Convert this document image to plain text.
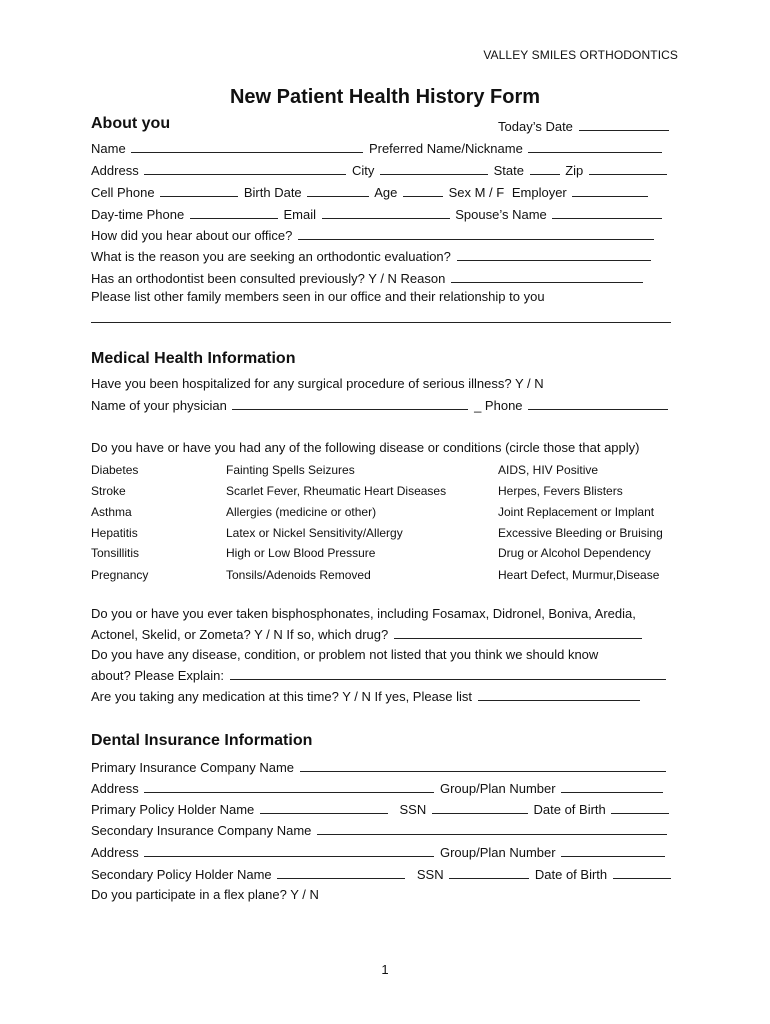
VALLEY SMILES ORTHODONTICS
New Patient Health History Form
About you	Today’s Date
Name	Preferred Name/Nickname
Address	City	State	Zip
Cell Phone	Birth Date	Age	Sex M / F Employer
Day-time Phone	Email	Spouse’s Name
How did you hear about our office?
What is the reason you are seeking an orthodontic evaluation?
Has an orthodontist been consulted previously? Y / N Reason
Please list other family members seen in our office and their relationship to you
Medical Health Information
Have you been hospitalized for any surgical procedure of serious illness? Y / N
Name of your physician	_ Phone
Do you have or have you had any of the following disease or conditions (circle those that apply)
Diabetes	Fainting Spells Seizures	AIDS, HIV Positive
Stroke	Scarlet Fever, Rheumatic Heart Diseases	Herpes, Fevers Blisters
Asthma	Allergies (medicine or other)	Joint Replacement or Implant
Hepatitis	Latex or Nickel Sensitivity/Allergy	Excessive Bleeding or Bruising
Tonsillitis	High or Low Blood Pressure	Drug or Alcohol Dependency
Pregnancy	Tonsils/Adenoids Removed	Heart Defect, Murmur,Disease
Do you or have you ever taken bisphosphonates, including Fosamax, Didronel, Boniva, Aredia,
Actonel, Skelid, or Zometa? Y / N If so, which drug?
Do you have any disease, condition, or problem not listed that you think we should know
about? Please Explain:
Are you taking any medication at this time? Y / N If yes, Please list
Dental Insurance Information
Primary Insurance Company Name
Address	Group/Plan Number
Primary Policy Holder Name	SSN	Date of Birth
Secondary Insurance Company Name
Address	Group/Plan Number
Secondary Policy Holder Name	SSN	Date of Birth
Do you participate in a flex plane? Y / N
1
